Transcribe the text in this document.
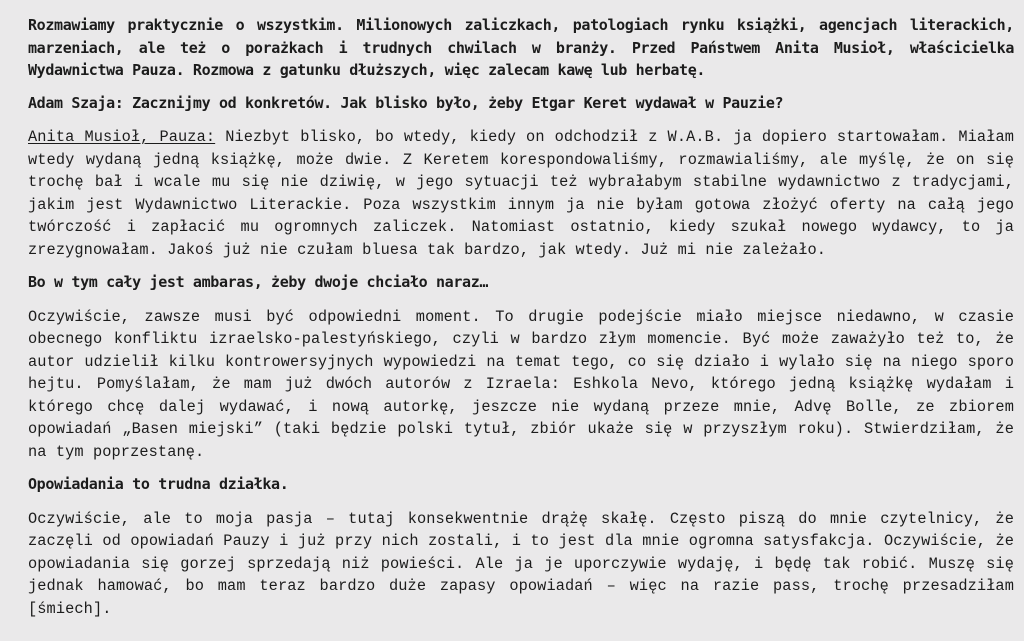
Rozmawiamy praktycznie o wszystkim. Milionowych zaliczkach, patologiach rynku książki, agencjach literackich, marzeniach, ale też o porażkach i trudnych chwilach w branży. Przed Państwem Anita Musioł, właścicielka Wydawnictwa Pauza. Rozmowa z gatunku dłuższych, więc zalecam kawę lub herbatę.

Adam Szaja: Zacznijmy od konkretów. Jak blisko było, żeby Etgar Keret wydawał w Pauzie?

Anita Musioł, Pauza: Niezbyt blisko, bo wtedy, kiedy on odchodził z W.A.B. ja dopiero startowałam. Miałam wtedy wydaną jedną książkę, może dwie. Z Keretem korespondowaliśmy, rozmawialiśmy, ale myślę, że on się trochę bał i wcale mu się nie dziwię, w jego sytuacji też wybrałabym stabilne wydawnictwo z tradycjami, jakim jest Wydawnictwo Literackie. Poza wszystkim innym ja nie byłam gotowa złożyć oferty na całą jego twórczość i zapłacić mu ogromnych zaliczek. Natomiast ostatnio, kiedy szukał nowego wydawcy, to ja zrezygnowałam. Jakoś już nie czułam bluesa tak bardzo, jak wtedy. Już mi nie zależało.

Bo w tym cały jest ambaras, żeby dwoje chciało naraz…

Oczywiście, zawsze musi być odpowiedni moment. To drugie podejście miało miejsce niedawno, w czasie obecnego konfliktu izraelsko-palestyńskiego, czyli w bardzo złym momencie. Być może zaważyło też to, że autor udzielił kilku kontrowersyjnych wypowiedzi na temat tego, co się działo i wylało się na niego sporo hejtu. Pomyślałam, że mam już dwóch autorów z Izraela: Eshkola Nevo, którego jedną książkę wydałam i którego chcę dalej wydawać, i nową autorkę, jeszcze nie wydaną przeze mnie, Advę Bolle, ze zbiorem opowiadań „Basen miejski” (taki będzie polski tytuł, zbiór ukaże się w przyszłym roku). Stwierdziłam, że na tym poprzestanę.

Opowiadania to trudna działka.

Oczywiście, ale to moja pasja – tutaj konsekwentnie drążę skałę. Często piszą do mnie czytelnicy, że zaczęli od opowiadań Pauzy i już przy nich zostali, i to jest dla mnie ogromna satysfakcja. Oczywiście, że opowiadania się gorzej sprzedają niż powieści. Ale ja je uporczywie wydaję, i będę tak robić. Muszę się jednak hamować, bo mam teraz bardzo duże zapasy opowiadań – więc na razie pass, trochę przesadziłam [śmiech].
